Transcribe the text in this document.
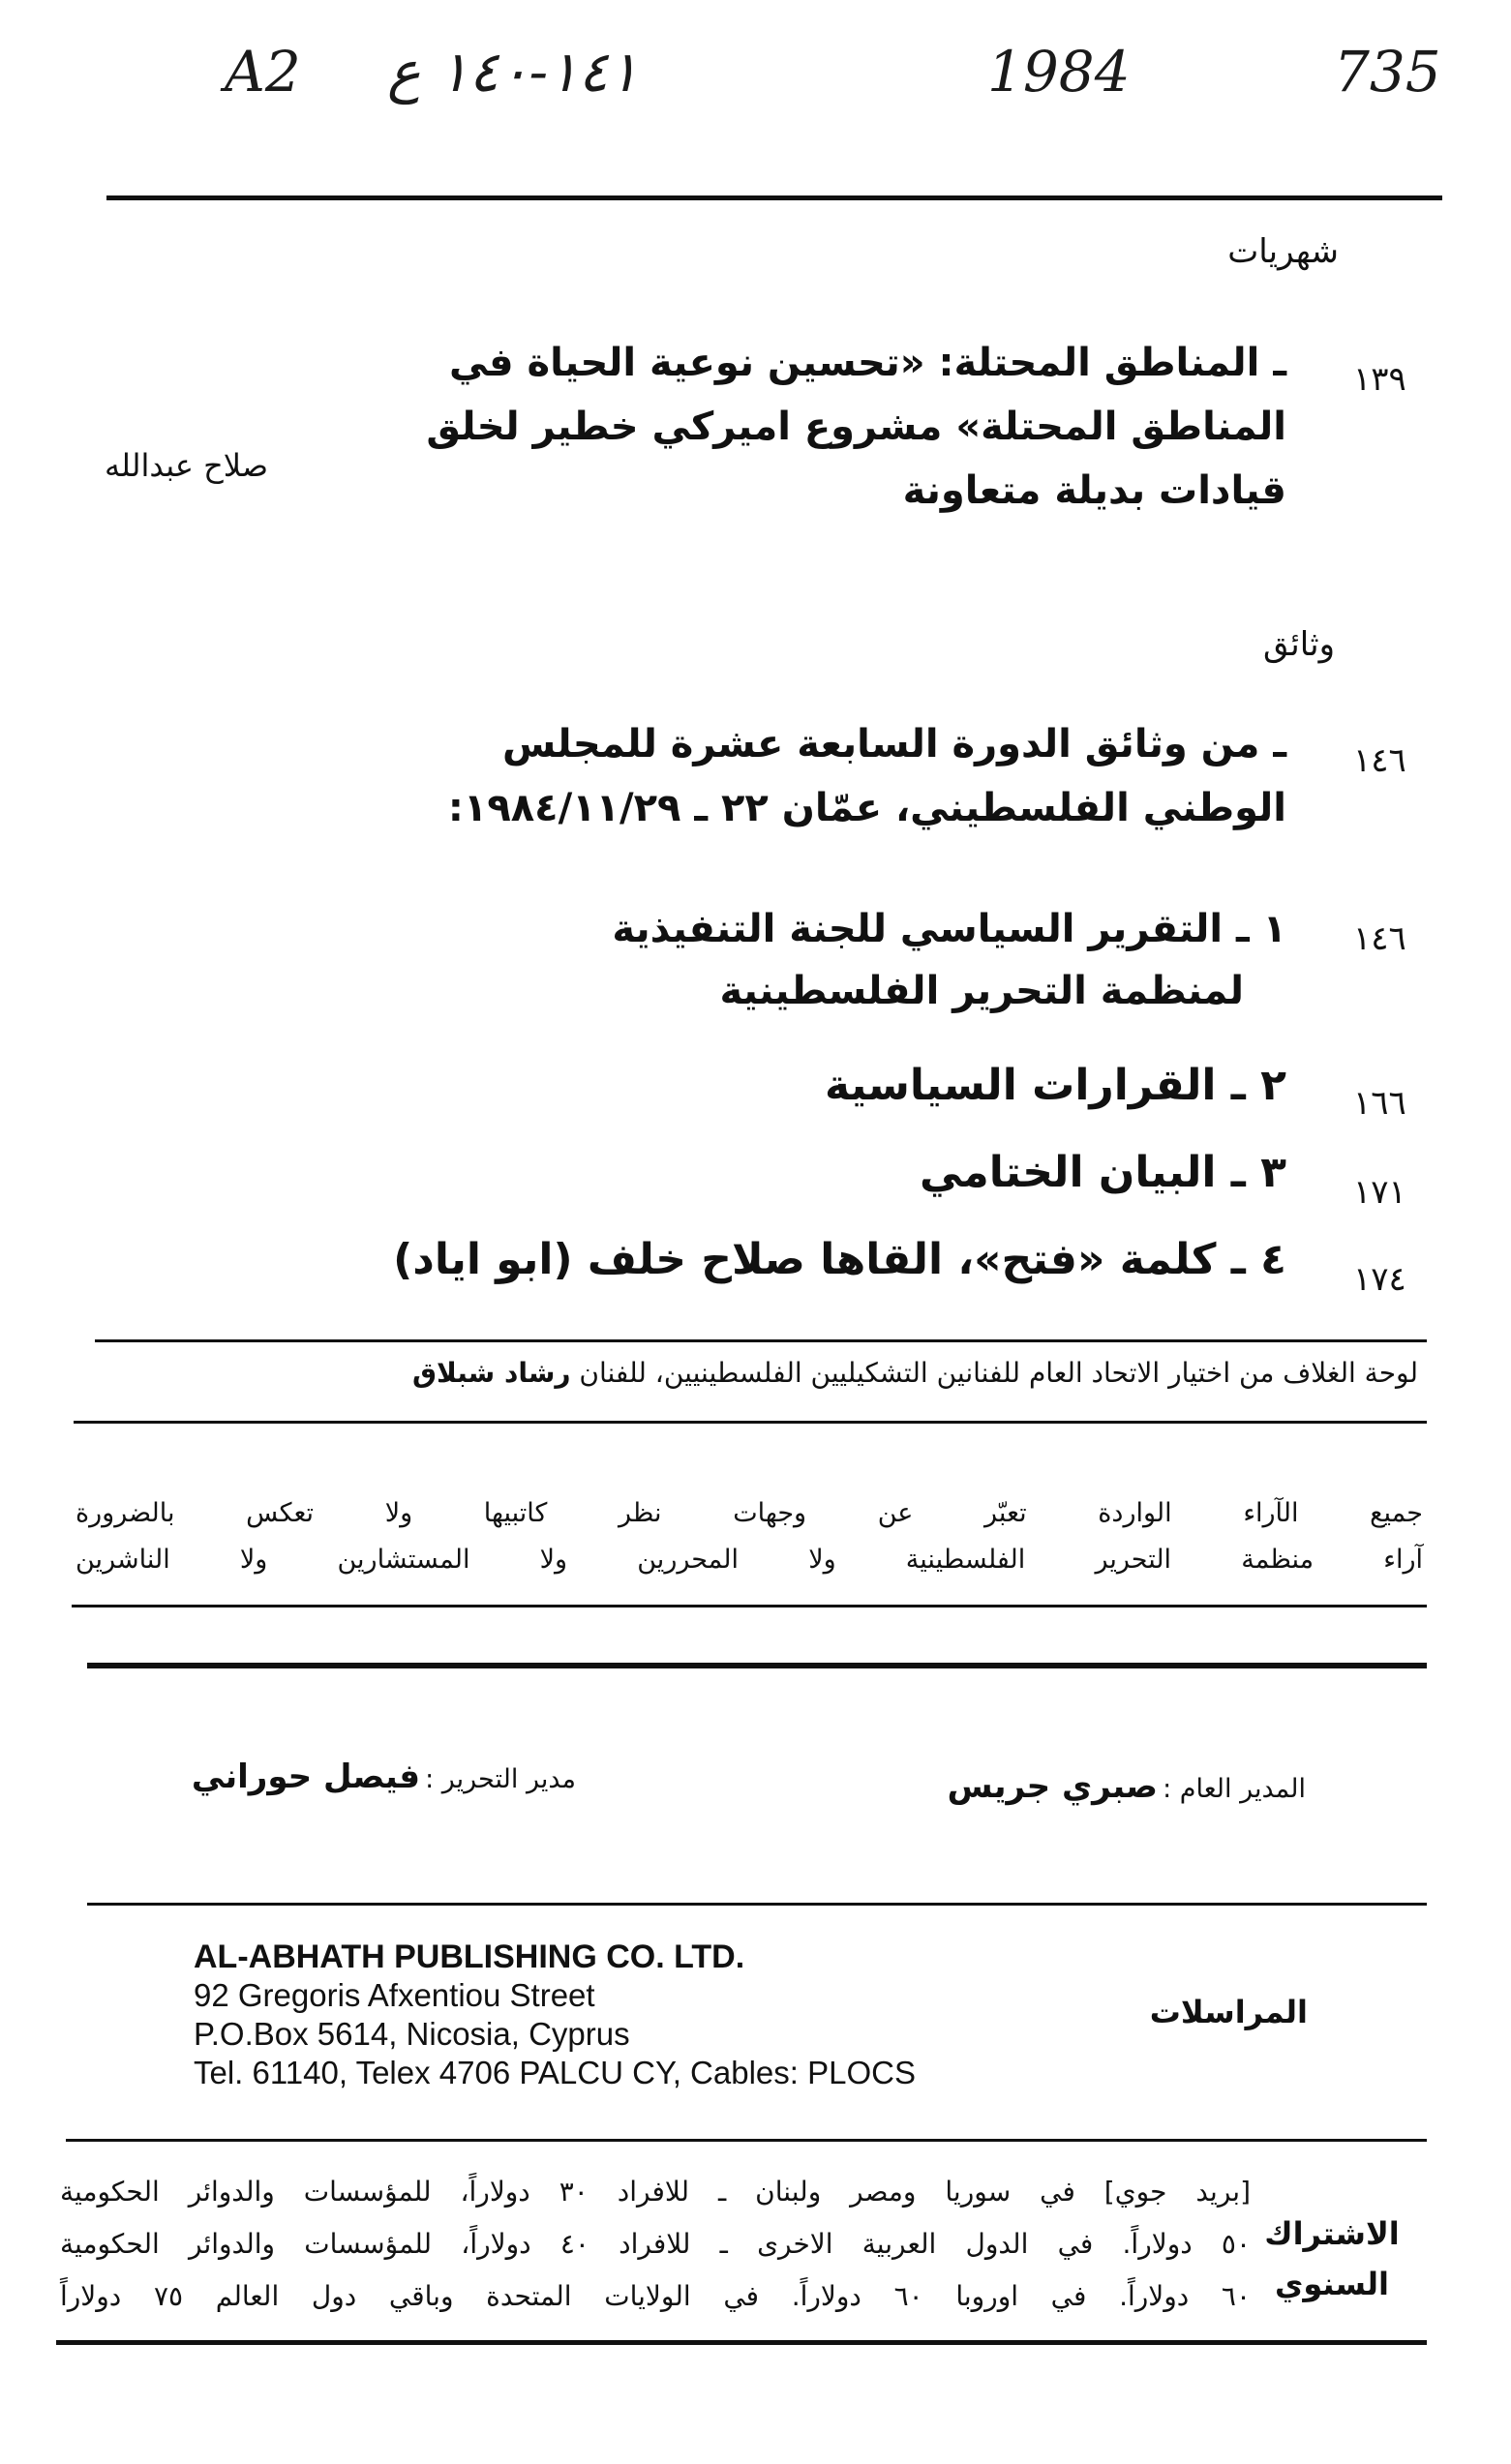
A2 ١٤١-١٤٠ ع	1984	735
شهريات
١٣٩
ـ المناطق المحتلة: «تحسين نوعية الحياة في
المناطق المحتلة» مشروع اميركي خطير لخلق
قيادات بديلة متعاونة
صلاح عبدالله
وثائق
١٤٦
ـ من وثائق الدورة السابعة عشرة للمجلس
الوطني الفلسطيني، عمّان ٢٢ ـ ١٩٨٤/١١/٢٩:
١٤٦
١ ـ التقرير السياسي للجنة التنفيذية
لمنظمة التحرير الفلسطينية
١٦٦
٢ ـ القرارات السياسية
١٧١
٣ ـ البيان الختامي
١٧٤
٤ ـ كلمة «فتح»، القاها صلاح خلف (ابو اياد)
لوحة الغلاف من اختيار الاتحاد العام للفنانين التشكيليين الفلسطينيين، للفنان رشاد شبلاق
جميع الآراء الواردة تعبّر عن وجهات نظر كاتبيها ولا تعكس بالضرورة
آراء منظمة التحرير الفلسطينية ولا المحررين ولا المستشارين ولا الناشرين
المدير العام : صبري جريس
مدير التحرير : فيصل حوراني
AL-ABHATH PUBLISHING CO. LTD.
92 Gregoris Afxentiou Street
P.O.Box 5614, Nicosia, Cyprus
Tel. 61140, Telex 4706 PALCU CY, Cables: PLOCS
المراسلات
الاشتراك
السنوي
[بريد جوي] في سوريا ومصر ولبنان ـ للافراد ٣٠ دولاراً، للمؤسسات والدوائر الحكومية
٥٠ دولاراً. في الدول العربية الاخرى ـ للافراد ٤٠ دولاراً، للمؤسسات والدوائر الحكومية
٦٠ دولاراً. في اوروبا ٦٠ دولاراً. في الولايات المتحدة وباقي دول العالم ٧٥ دولاراً
